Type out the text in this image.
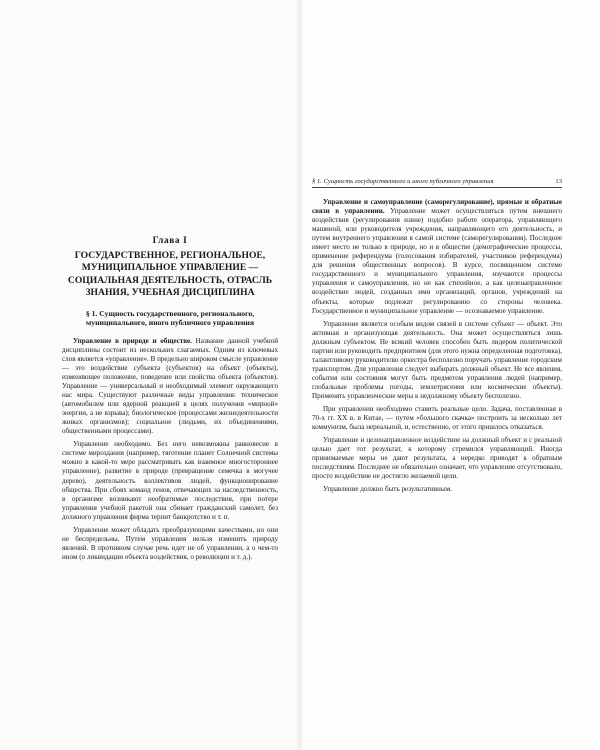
Глава I
ГОСУДАРСТВЕННОЕ, РЕГИОНАЛЬНОЕ, МУНИЦИПАЛЬНОЕ УПРАВЛЕНИЕ — СОЦИАЛЬНАЯ ДЕЯТЕЛЬНОСТЬ, ОТРАСЛЬ ЗНАНИЯ, УЧЕБНАЯ ДИСЦИПЛИНА
§ 1. Сущность государственного, регионального, муниципального, иного публичного управления

Управление в природе и обществе. Название данной учебной дисциплины состоит из нескольких слагаемых. Одним из ключевых слов является «управление». В предельно широком смысле управление — это воздействие субъекта (субъектов) на объект (объекты), изменяющее положение, поведение или свойства объекта (объектов). Управление — универсальный и необходимый элемент окружающего нас мира. Существуют различные виды управления: техническое (автомобилем или ядерной реакцией в целях получения «мирной» энергии, а не взрыва); биологическое (процессами жизнедеятельности живых организмов); социальное (людьми, их объединениями, общественными процессами).

Управление необходимо. Без него невозможны равновесие в системе мироздания (например, тяготение планет Солнечной системы можно в какой-то мере рассматривать как взаимное многостороннее управление), развитие в природе (превращение семечка в могучее дерево), деятельность коллективов людей, функционирование общества. При сбоях команд генов, отвечающих за наследственность, в организме возникают необратимые последствия, при потере управления учебной ракетой она сбивает гражданский самолет, без должного управления фирма терпит банкротство и т. п.

Управление может обладать преобразующими качествами, но они не беспредельны. Путем управления нельзя изменить природу явлений. В противном случае речь идет не об управлении, а о чем-то ином (о ликвидации объекта воздействия, о революции и т. д.).

§ 1. Сущность государственного и иного публичного управления	13

Управление и самоуправление (саморегулирование), прямые и обратные связи в управлении. Управление может осуществляться путем внешнего воздействия (регулирования извне) подобно работе оператора, управляющего машиной, или руководителя учреждения, направляющего его деятельность, и путем внутреннего управления в самой системе (саморегулирования). Последнее имеет место не только в природе, но и в обществе (демографические процессы, применение референдума (голосования избирателей, участников референдума) для решения общественных вопросов). В курсе, посвященном системе государственного и муниципального управления, изучаются процессы управления и самоуправления, но не как стихийное, а как целенаправленное воздействие людей, созданных ими организаций, органов, учреждений на объекты, которые подлежат регулированию со стороны человека. Государственное и муниципальное управление — осознаваемое управление.

Управление является особым видом связей в системе субъект — объект. Это активная и организующая деятельность. Она может осуществляться лишь должным субъектом. Не всякий человек способен быть лидером политической партии или руководить предприятием (для этого нужна определенная подготовка), талантливому руководителю оркестра бесполезно поручать управление городским транспортом. Для управления следует выбирать должный объект. Не все явления, события или состояния могут быть предметом управления людей (например, глобальные проблемы погоды, землетрясения или космические объекты). Применять управленческие меры к недолжному объекту бесполезно.

При управлении необходимо ставить реальные цели. Задача, поставленная в 70-х гг. XX в. в Китае, — путем «большого скачка» построить за несколько лет коммунизм, была нереальной, и, естественно, от этого пришлось отказаться.

Управление и целенаправленное воздействие на должный объект и с реальной целью дает тот результат, к которому стремился управляющий. Иногда принимаемые меры не дают результата, а нередко приводят к обратным последствиям. Последнее не обязательно означает, что управление отсутствовало, просто воздействие не достигло желаемой цели.

Управление должно быть результативным.
